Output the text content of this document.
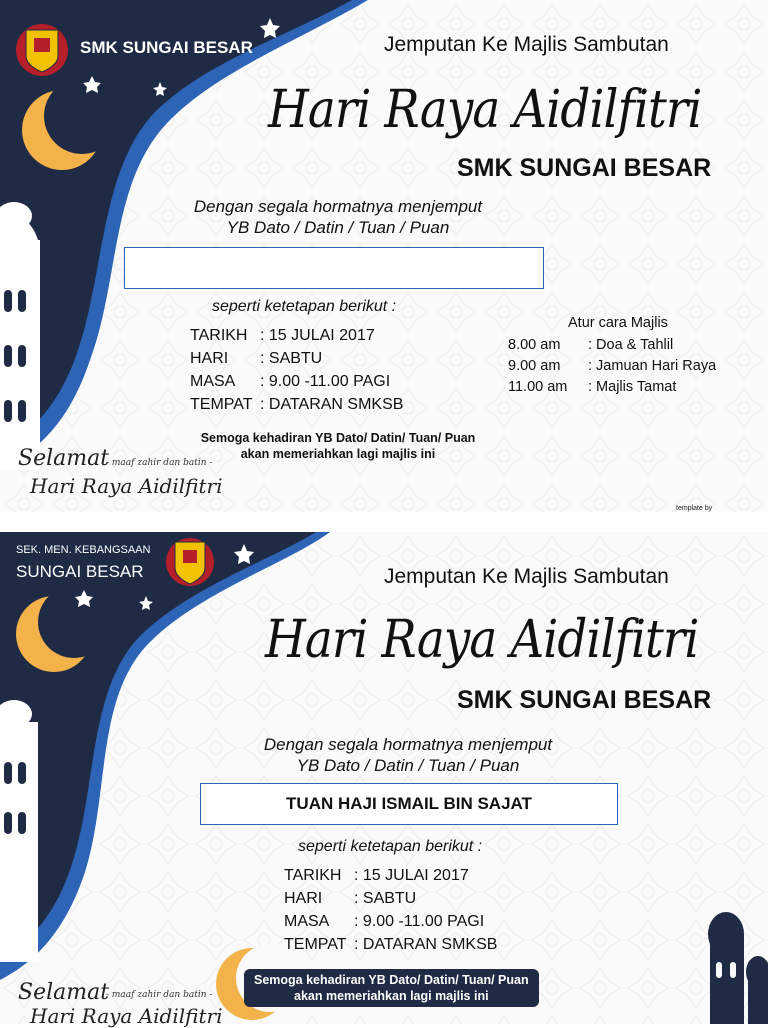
SMK SUNGAI BESAR	Jemputan Ke Majlis Sambutan
Hari Raya Aidilfitri
SMK SUNGAI BESAR
Dengan segala hormatnya menjemput
YB Dato / Datin / Tuan / Puan
seperti ketetapan berikut :
TARIKH : 15 JULAI 2017
HARI	: SABTU
MASA	: 9.00 -11.00 PAGI
TEMPAT : DATARAN SMKSB
Atur cara Majlis
8.00 am	: Doa & Tahlil
9.00 am	: Jamuan Hari Raya
11.00 am	: Majlis Tamat
Semoga kehadiran YB Dato/ Datin/ Tuan/ Puan
akan memeriahkan lagi majlis ini
Selamat
- maaf zahir dan batin -
Hari Raya Aidilfitri
template by
SEK. MEN. KEBANGSAAN
SUNGAI BESAR	Jemputan Ke Majlis Sambutan
Hari Raya Aidilfitri
SMK SUNGAI BESAR
Dengan segala hormatnya menjemput
YB Dato / Datin / Tuan / Puan
TUAN HAJI ISMAIL BIN SAJAT
seperti ketetapan berikut :
TARIKH : 15 JULAI 2017
HARI	: SABTU
MASA	: 9.00 -11.00 PAGI
TEMPAT : DATARAN SMKSB
Semoga kehadiran YB Dato/ Datin/ Tuan/ Puan
akan memeriahkan lagi majlis ini
Selamat
- maaf zahir dan batin -
Hari Raya Aidilfitri
